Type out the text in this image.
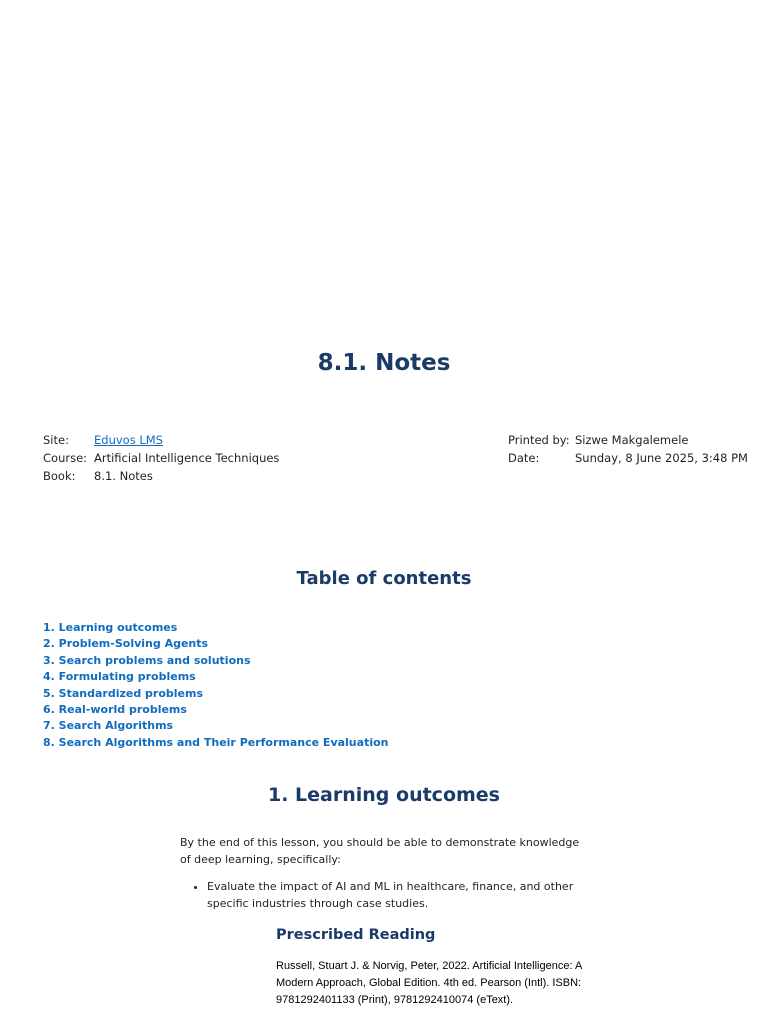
8.1. Notes
Site:	Eduvos LMS
Course: Artificial Intelligence Techniques
Book:	8.1. Notes
Printed by: Sizwe Makgalemele
Date:	Sunday, 8 June 2025, 3:48 PM
Table of contents
1. Learning outcomes
2. Problem-Solving Agents
3. Search problems and solutions
4. Formulating problems
5. Standardized problems
6. Real-world problems
7. Search Algorithms
8. Search Algorithms and Their Performance Evaluation
1. Learning outcomes

By the end of this lesson, you should be able to demonstrate knowledge of deep learning, specifically:

• Evaluate the impact of AI and ML in healthcare, finance, and other specific industries through case studies.
Prescribed Reading

Russell, Stuart J. & Norvig, Peter, 2022. Artificial Intelligence: A Modern Approach, Global Edition. 4th ed. Pearson (Intl). ISBN: 9781292401133 (Print), 9781292410074 (eText).
